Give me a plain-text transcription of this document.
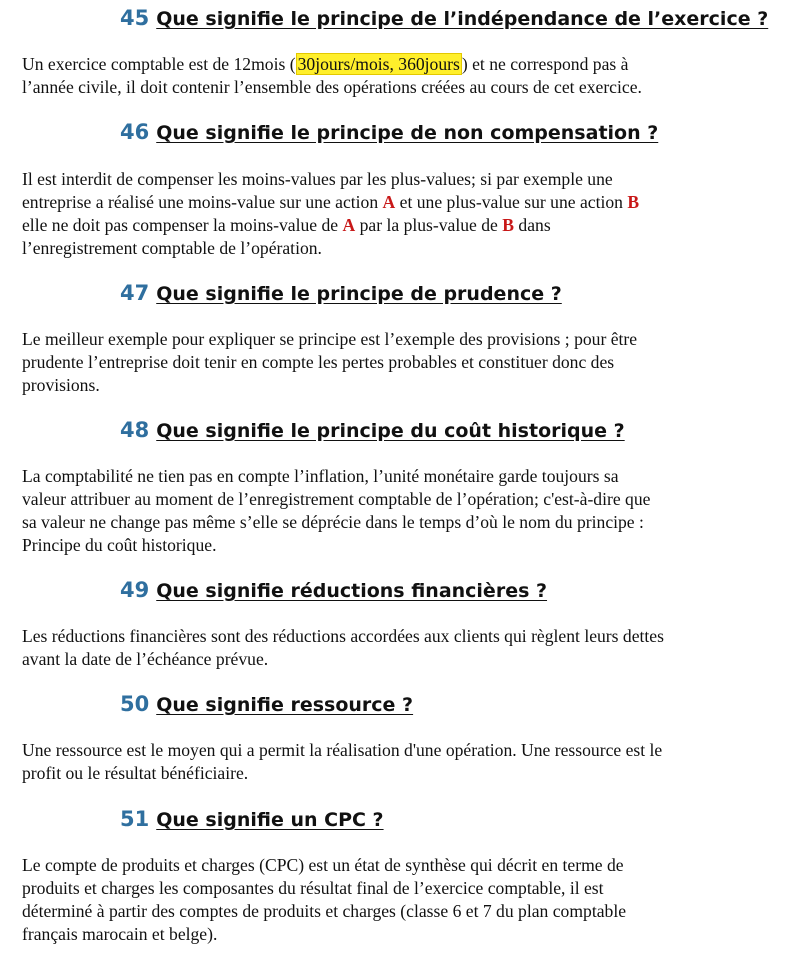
45 Que signifie le principe de l’indépendance de l’exercice ?

Un exercice comptable est de 12mois ( 30jours/mois, 360jours ) et ne correspond pas à
l’année civile, il doit contenir l’ensemble des opérations créées au cours de cet exercice.

46 Que signifie le principe de non compensation ?

Il est interdit de compenser les moins-values par les plus-values; si par exemple une
entreprise a réalisé une moins-value sur une action A et une plus-value sur une action B
elle ne doit pas compenser la moins-value de A par la plus-value de B dans
l’enregistrement comptable de l’opération.

47 Que signifie le principe de prudence ?

Le meilleur exemple pour expliquer se principe est l’exemple des provisions ; pour être
prudente l’entreprise doit tenir en compte les pertes probables et constituer donc des
provisions.

48 Que signifie le principe du coût historique ?

La comptabilité ne tien pas en compte l’inflation, l’unité monétaire garde toujours sa
valeur attribuer au moment de l’enregistrement comptable de l’opération; c'est-à-dire que
sa valeur ne change pas même s’elle se déprécie dans le temps d’où le nom du principe :
Principe du coût historique.

49 Que signifie réductions financières ?

Les réductions financières sont des réductions accordées aux clients qui règlent leurs dettes
avant la date de l’échéance prévue.

50 Que signifie ressource ?

Une ressource est le moyen qui a permit la réalisation d'une opération. Une ressource est le
profit ou le résultat bénéficiaire.

51 Que signifie un CPC ?

Le compte de produits et charges (CPC) est un état de synthèse qui décrit en terme de
produits et charges les composantes du résultat final de l’exercice comptable, il est
déterminé à partir des comptes de produits et charges (classe 6 et 7 du plan comptable
français marocain et belge).
